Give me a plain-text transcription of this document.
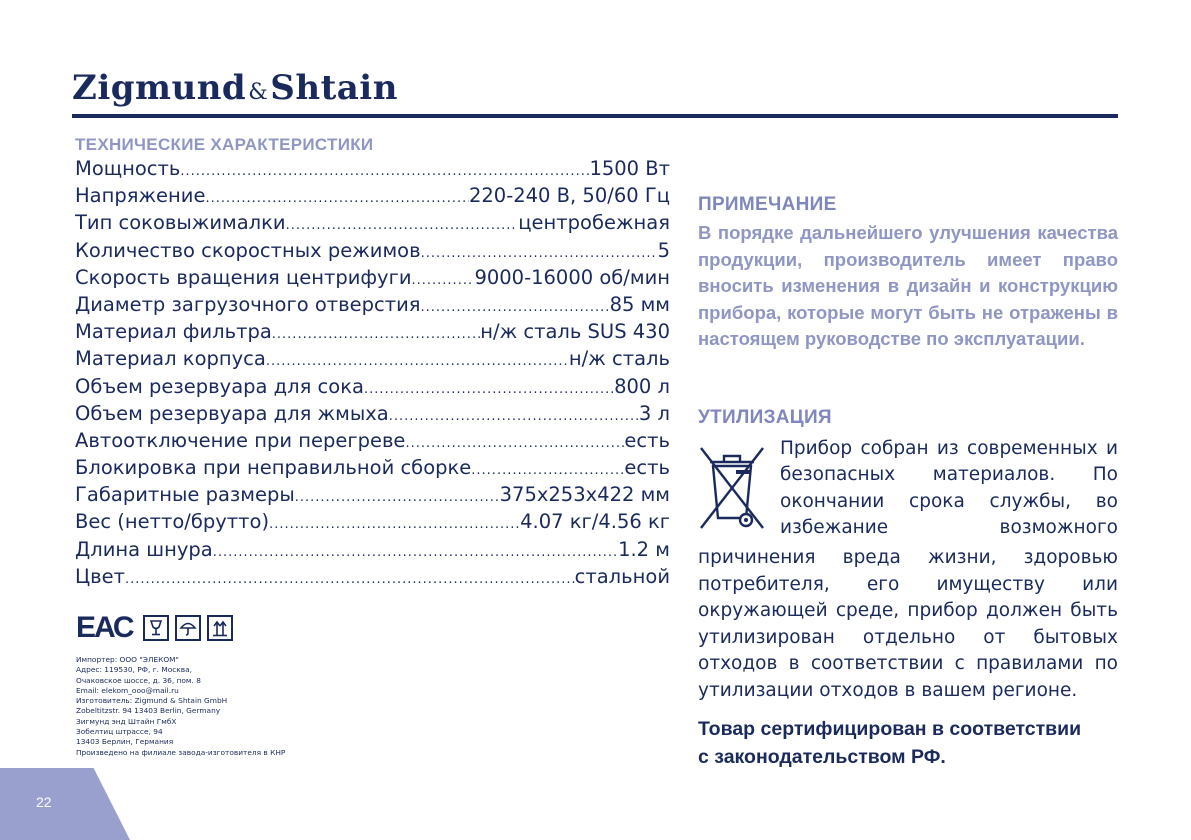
Zigmund&Shtain
ТЕХНИЧЕСКИЕ ХАРАКТЕРИСТИКИ
Мощность .....	1500 Вт
Напряжение .....	220-240 В, 50/60 Гц
Тип соковыжималки .....	центробежная
Количество скоростных режимов .....	5
Скорость вращения центрифуги .....	9000-16000 об/мин
Диаметр загрузочного отверстия .....	85 мм
Материал фильтра .....	н/ж сталь SUS 430
Материал корпуса .....	н/ж сталь
Объем резервуара для сока .....	800 л
Объем резервуара для жмыха .....	3 л
Автоотключение при перегреве .....	есть
Блокировка при неправильной сборке .....	есть
Габаритные размеры .....	375x253x422 мм
Вес (нетто/брутто) .....	4.07 кг/4.56 кг
Длина шнура .....	1.2 м
Цвет .....	стальной
ЕАС
Импортер: ООО "ЭЛЕКОМ"
Адрес: 119530, РФ, г. Москва,
Очаковское шоссе, д. 36, пом. 8
Email: elekom_ooo@mail.ru
Изготовитель: Zigmund & Shtain GmbH
Zobeltitzstr. 94 13403 Berlin, Germany
Зигмунд энд Штайн ГмбХ
Зобелтиц штрассе, 94
13403 Берлин, Германия
Произведено на филиале завода-изготовителя в КНР
22
ПРИМЕЧАНИЕ
В порядке дальнейшего улучшения качества продукции, производитель имеет право вносить изменения в дизайн и конструкцию прибора, которые могут быть не отражены в настоящем руководстве по эксплуатации.
УТИЛИЗАЦИЯ
Прибор собран из современных и безопасных материалов. По окончании срока службы, во избежание возможного
причинения вреда жизни, здоровью потребителя, его имуществу или окружающей среде, прибор должен быть утилизирован отдельно от бытовых отходов в соответствии с правилами по утилизации отходов в вашем регионе.
Товар сертифицирован в соответствии
с законодательством РФ.
